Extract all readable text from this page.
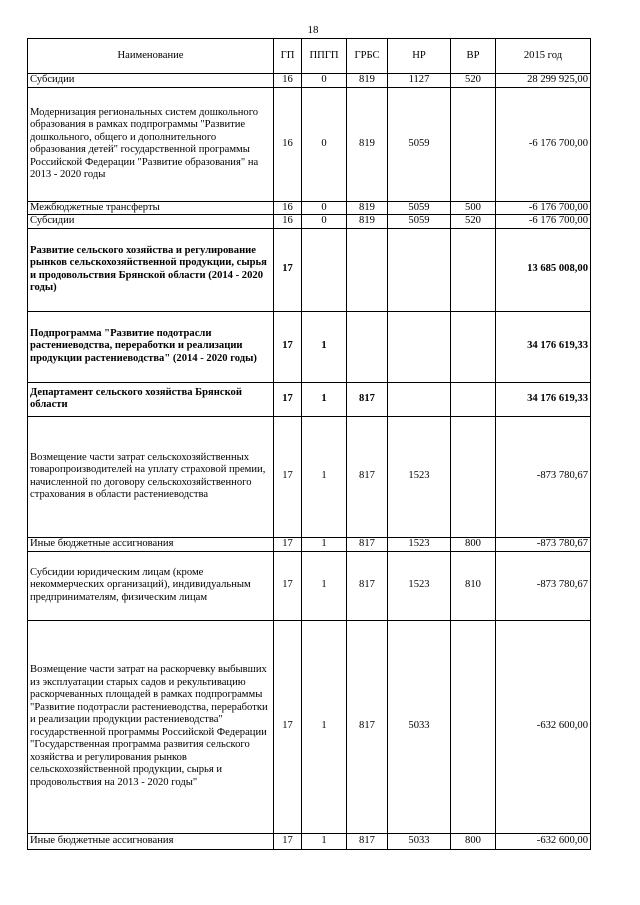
18
Наименование	ГП	ППГП	ГРБС	НР	ВР	2015 год
Субсидии	16	0	819	1127	520	28 299 925,00
Модернизация региональных систем дошкольного образования в рамках подпрограммы "Развитие дошкольного, общего и дополнительного образования детей" государственной программы Российской Федерации "Развитие образования" на 2013 - 2020 годы	16	0	819	5059		-6 176 700,00
Межбюджетные трансферты	16	0	819	5059	500	-6 176 700,00
Субсидии	16	0	819	5059	520	-6 176 700,00
Развитие сельского хозяйства и регулирование рынков сельскохозяйственной продукции, сырья и продовольствия Брянской области (2014 - 2020 годы)	17					13 685 008,00
Подпрограмма "Развитие подотрасли растениеводства, переработки и реализации продукции растениеводства" (2014 - 2020 годы)	17	1				34 176 619,33
Департамент сельского хозяйства Брянской области	17	1	817			34 176 619,33
Возмещение части затрат сельскохозяйственных товаропроизводителей на уплату страховой премии, начисленной по договору сельскохозяйственного страхования в области растениеводства	17	1	817	1523		-873 780,67
Иные бюджетные ассигнования	17	1	817	1523	800	-873 780,67
Субсидии юридическим лицам (кроме некоммерческих организаций), индивидуальным предпринимателям, физическим лицам	17	1	817	1523	810	-873 780,67
Возмещение части затрат на раскорчевку выбывших из эксплуатации старых садов и рекультивацию раскорчеванных площадей в рамках подпрограммы "Развитие подотрасли растениеводства, переработки и реализации продукции растениеводства" государственной программы Российской Федерации "Государственная программа развития сельского хозяйства и регулирования рынков сельскохозяйственной продукции, сырья и продовольствия на 2013 - 2020 годы"	17	1	817	5033		-632 600,00
Иные бюджетные ассигнования	17	1	817	5033	800	-632 600,00
